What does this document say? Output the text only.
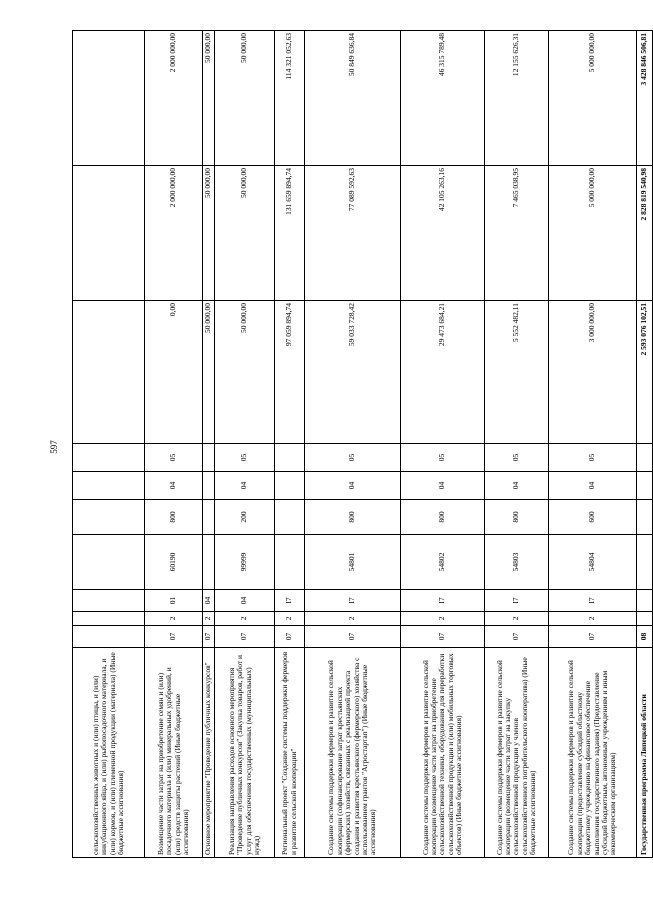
597
сельскохозяйственных животных и (или) птицы, и (или) инкубационного яйца, и (или) рыбопосадочного материала, и (или) кормов, и (или) племенной продукции (материала) (Иные бюджетные ассигнования)										
Возмещение части затрат на приобретение семян и (или) посадочного материала и (или) минеральных удобрений, и (или) средств защиты растений (Иные бюджетные ассигнования)	07	2	01	60190	800	04	05	0,00	2 000 000,00	2 000 000,00
Основное мероприятие "Проведение публичных конкурсов"	07	2	04					50 000,00	50 000,00	50 000,00
Реализация направления расходов основного мероприятия "Проведение публичных конкурсов" (Закупка товаров, работ и услуг для обеспечения государственных (муниципальных) нужд)	07	2	04	99999	200	04	05	50 000,00	50 000,00	50 000,00
Региональный проект "Создание системы поддержки фермеров и развитие сельской кооперации"	07	2	I7					97 059 894,74	131 659 894,74	114 321 052,63
Создание системы поддержки фермеров и развитие сельской кооперации (софинансирование затрат крестьянских (фермерских) хозяйств, связанных с реализацией проекта создания и развития крестьянского (фермерского) хозяйства с использованием грантов "Агростартап") (Иные бюджетные ассигнования)	07	2	I7	54801	800	04	05	59 033 728,42	77 089 592,63	50 849 636,84
Создание системы поддержки фермеров и развитие сельской кооперации (возмещение части затрат на приобретение сельскохозяйственной техники, оборудования для переработки сельскохозяйственной продукции и (или) мобильных торговых объектов) (Иные бюджетные ассигнования)	07	2	I7	54802	800	04	05	29 473 684,21	42 105 263,16	46 315 789,48
Создание системы поддержки фермеров и развитие сельской кооперации (возмещение части затрат на закупку сельскохозяйственной продукции у членов сельскохозяйственного потребительского кооператива) (Иные бюджетные ассигнования)	07	2	I7	54803	800	04	05	5 552 482,11	7 465 038,95	12 155 626,31
Создание системы поддержки фермеров и развитие сельской кооперации (предоставление субсидий областному бюджетному учреждению на финансовое обеспечение выполнения государственного задания) (Предоставление субсидий бюджетным, автономным учреждениям и иным некоммерческим организациям)	07	2	I7	54804	600	04	05	3 000 000,00	5 000 000,00	5 000 000,00
Государственная программа Липецкой области	08							2 593 076 102,51	2 828 819 540,98	3 428 846 506,81
